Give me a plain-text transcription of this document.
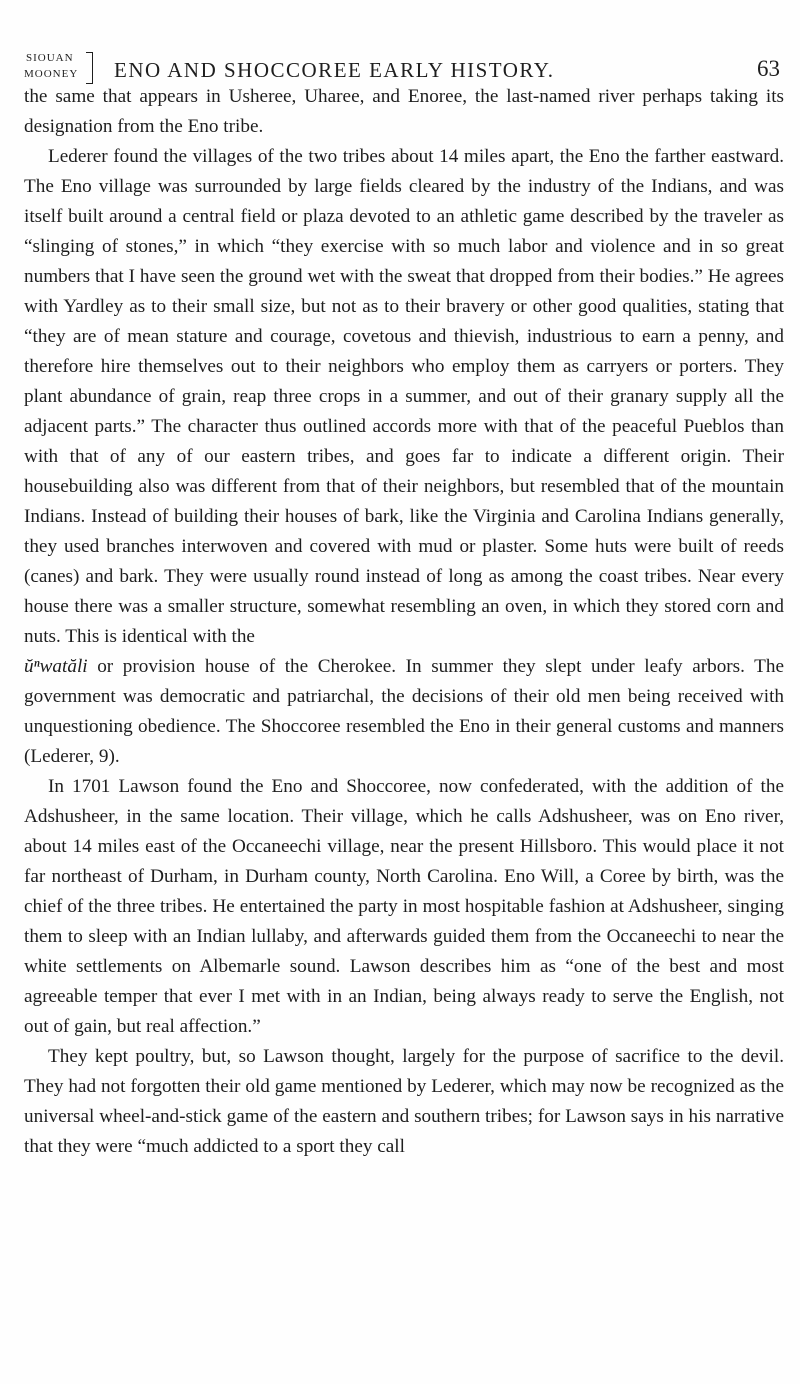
SIOUAN
MOONEY ENO AND SHOCCOREE EARLY HISTORY.	63

the same that appears in Usheree, Uharee, and Enoree, the last-named river perhaps taking its designation from the Eno tribe.

Lederer found the villages of the two tribes about 14 miles apart, the Eno the farther eastward. The Eno village was surrounded by large fields cleared by the industry of the Indians, and was itself built around a central field or plaza devoted to an athletic game described by the traveler as “slinging of stones,” in which “they exercise with so much labor and violence and in so great numbers that I have seen the ground wet with the sweat that dropped from their bodies.” He agrees with Yardley as to their small size, but not as to their bravery or other good qualities, stating that “they are of mean stature and courage, covetous and thievish, industrious to earn a penny, and therefore hire themselves out to their neighbors who employ them as carryers or porters. They plant abundance of grain, reap three crops in a summer, and out of their granary supply all the adjacent parts.” The character thus outlined accords more with that of the peaceful Pueblos than with that of any of our eastern tribes, and goes far to indicate a different origin. Their housebuilding also was different from that of their neighbors, but resembled that of the mountain Indians. Instead of building their houses of bark, like the Virginia and Carolina Indians generally, they used branches interwoven and covered with mud or plaster. Some huts were built of reeds (canes) and bark. They were usually round instead of long as among the coast tribes. Near every house there was a smaller structure, somewhat resembling an oven, in which they stored corn and nuts. This is identical with the

ŭⁿwatăli or provision house of the Cherokee. In summer they slept under leafy arbors. The government was democratic and patriarchal, the decisions of their old men being received with unquestioning obedience. The Shoccoree resembled the Eno in their general customs and manners (Lederer, 9).

In 1701 Lawson found the Eno and Shoccoree, now confederated, with the addition of the Adshusheer, in the same location. Their village, which he calls Adshusheer, was on Eno river, about 14 miles east of the Occaneechi village, near the present Hillsboro. This would place it not far northeast of Durham, in Durham county, North Carolina. Eno Will, a Coree by birth, was the chief of the three tribes. He entertained the party in most hospitable fashion at Adshusheer, singing them to sleep with an Indian lullaby, and afterwards guided them from the Occaneechi to near the white settlements on Albemarle sound. Lawson describes him as “one of the best and most agreeable temper that ever I met with in an Indian, being always ready to serve the English, not out of gain, but real affection.”

They kept poultry, but, so Lawson thought, largely for the purpose of sacrifice to the devil. They had not forgotten their old game mentioned by Lederer, which may now be recognized as the universal wheel-and-stick game of the eastern and southern tribes; for Lawson says in his narrative that they were “much addicted to a sport they call
